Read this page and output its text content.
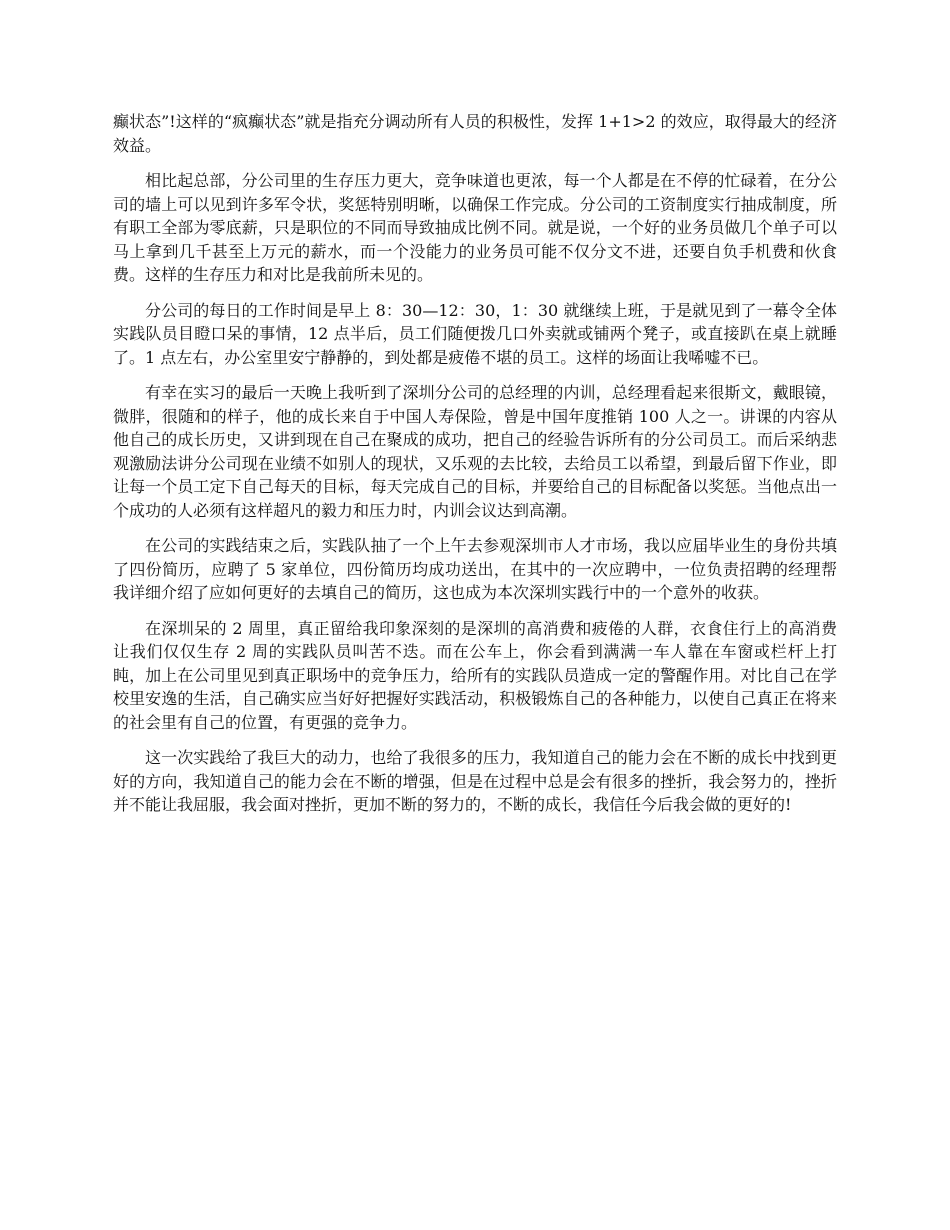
癫状态”!这样的“疯癫状态”就是指充分调动所有人员的积极性，发挥 1+1>2 的效应，取得最大的经济效益。

相比起总部，分公司里的生存压力更大，竞争味道也更浓，每一个人都是在不停的忙碌着，在分公司的墙上可以见到许多军令状，奖惩特别明晰，以确保工作完成。分公司的工资制度实行抽成制度，所有职工全部为零底薪，只是职位的不同而导致抽成比例不同。就是说，一个好的业务员做几个单子可以马上拿到几千甚至上万元的薪水，而一个没能力的业务员可能不仅分文不进，还要自负手机费和伙食费。这样的生存压力和对比是我前所未见的。

分公司的每日的工作时间是早上 8：30—12：30，1：30 就继续上班，于是就见到了一幕令全体实践队员目瞪口呆的事情，12 点半后，员工们随便拨几口外卖就或铺两个凳子，或直接趴在桌上就睡了。1 点左右，办公室里安宁静静的，到处都是疲倦不堪的员工。这样的场面让我唏嘘不已。

有幸在实习的最后一天晚上我听到了深圳分公司的总经理的内训，总经理看起来很斯文，戴眼镜，微胖，很随和的样子，他的成长来自于中国人寿保险，曾是中国年度推销 100 人之一。讲课的内容从他自己的成长历史，又讲到现在自己在聚成的成功，把自己的经验告诉所有的分公司员工。而后采纳悲观激励法讲分公司现在业绩不如别人的现状，又乐观的去比较，去给员工以希望，到最后留下作业，即让每一个员工定下自己每天的目标，每天完成自己的目标，并要给自己的目标配备以奖惩。当他点出一个成功的人必须有这样超凡的毅力和压力时，内训会议达到高潮。

在公司的实践结束之后，实践队抽了一个上午去参观深圳市人才市场，我以应届毕业生的身份共填了四份简历，应聘了 5 家单位，四份简历均成功送出，在其中的一次应聘中，一位负责招聘的经理帮我详细介绍了应如何更好的去填自己的简历，这也成为本次深圳实践行中的一个意外的收获。

在深圳呆的 2 周里，真正留给我印象深刻的是深圳的高消费和疲倦的人群，衣食住行上的高消费让我们仅仅生存 2 周的实践队员叫苦不迭。而在公车上，你会看到满满一车人靠在车窗或栏杆上打盹，加上在公司里见到真正职场中的竞争压力，给所有的实践队员造成一定的警醒作用。对比自己在学校里安逸的生活，自己确实应当好好把握好实践活动，积极锻炼自己的各种能力，以使自己真正在将来的社会里有自己的位置，有更强的竞争力。

这一次实践给了我巨大的动力，也给了我很多的压力，我知道自己的能力会在不断的成长中找到更好的方向，我知道自己的能力会在不断的增强，但是在过程中总是会有很多的挫折，我会努力的，挫折并不能让我屈服，我会面对挫折，更加不断的努力的，不断的成长，我信任今后我会做的更好的!
